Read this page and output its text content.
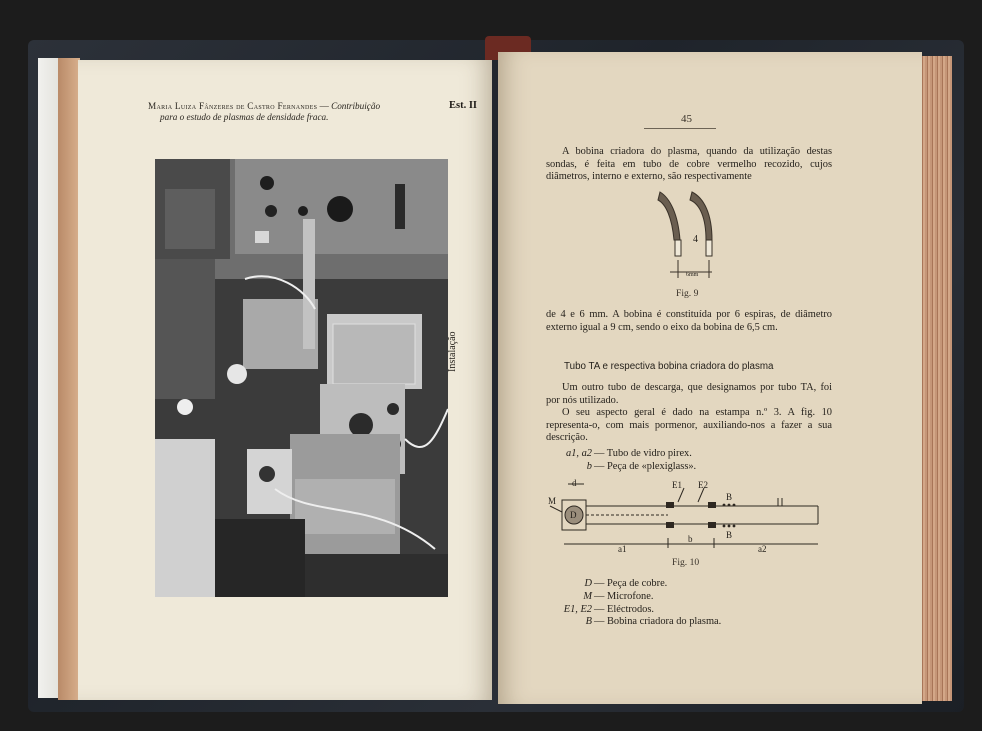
Maria Luiza Fânzeres de Castro Fernandes — Contribuição
para o estudo de plasmas de densidade fraca.
Est. II
Instalação
45

A bobina criadora do plasma, quando da utilização destas sondas, é feita em tubo de cobre vermelho recozido, cujos diâmetros, interno e externo, são respectivamente

4
6mm
Fig. 9

de 4 e 6 mm. A bobina é constituída por 6 espiras, de diâmetro externo igual a 9 cm, sendo o eixo da bobina de 6,5 cm.

Tubo TA e respectiva bobina criadora do plasma

Um outro tubo de descarga, que designamos por tubo TA, foi por nós utilizado.

O seu aspecto geral é dado na estampa n.º 3. A fig. 10 representa-o, com mais pormenor, auxiliando-nos a fazer a sua descrição.

a1, a2 — Tubo de vidro pirex.
b — Peça de «plexiglass».
d
M
D
E1 E2
B
B
a1
b
a2
Fig. 10
D — Peça de cobre.
M — Microfone.
E1, E2 — Eléctrodos.
B — Bobina criadora do plasma.
